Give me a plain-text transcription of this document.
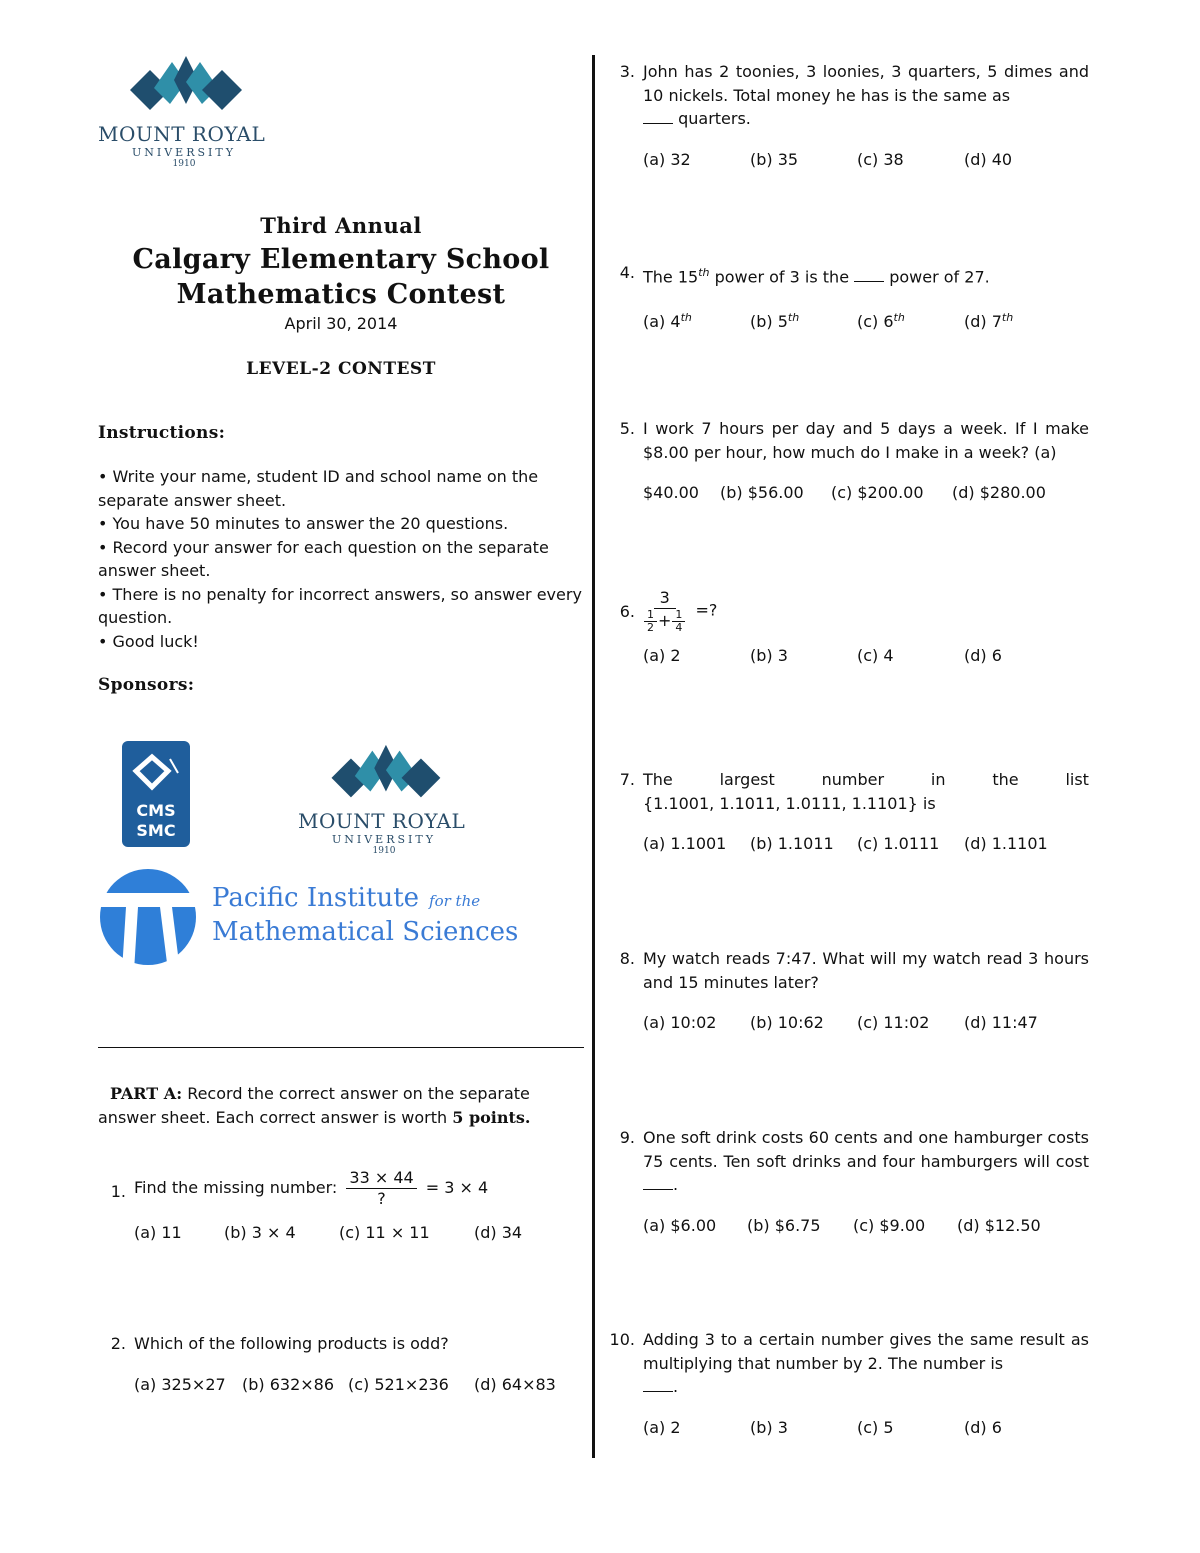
MOUNT ROYAL
UNIVERSITY
1910
Third Annual
Calgary Elementary School
Mathematics Contest
April 30, 2014
LEVEL-2 CONTEST
Instructions:
• Write your name, student ID and school name on the separate answer sheet.
• You have 50 minutes to answer the 20 questions.
• Record your answer for each question on the separate answer sheet.
• There is no penalty for incorrect answers, so answer every question.
• Good luck!
Sponsors:
CMS
SMC	MOUNT ROYAL
UNIVERSITY
1910
Pacific Institute for the
Mathematical Sciences
PART A: Record the correct answer on the separate answer sheet. Each correct answer is worth 5 points.
1. Find the missing number: $\frac{33 \times 44}{?} = 3 \times 4$
(a) 11	(b) 3 × 4	(c) 11 × 11	(d) 34
2. Which of the following products is odd?
(a) 325×27	(b) 632×86 (c) 521×236	(d) 64×83
3. John has 2 toonies, 3 loonies, 3 quarters, 5 dimes and 10 nickels. Total money he has is the same as
quarters.
(a) 32	(b) 35	(c) 38	(d) 40
4. The 15th power of 3 is the	power of 27.
(a) 4th	(b) 5th	(c) 6th	(d) 7th
5. I work 7 hours per day and 5 days a week. If I make $8.00 per hour, how much do I make in a week? (a)
$40.00	(b) $56.00	(c) $200.00	(d) $280.00
6. $\frac{3}{\frac{1}{2} + \frac{1}{4}}$ =?
(a) 2	(b) 3	(c) 4	(d) 6
7. The	largest	number	in	the	list
{1.1001, 1.1011, 1.0111, 1.1101} is
(a) 1.1001	(b) 1.1011	(c) 1.0111	(d) 1.1101
8. My watch reads 7:47. What will my watch read 3 hours and 15 minutes later?
(a) 10:02	(b) 10:62	(c) 11:02	(d) 11:47
9. One soft drink costs 60 cents and one hamburger costs 75 cents. Ten soft drinks and four hamburgers will cost .
(a) $6.00	(b) $6.75	(c) $9.00	(d) $12.50
10. Adding 3 to a certain number gives the same result as multiplying that number by 2. The number is
.
(a) 2	(b) 3	(c) 5	(d) 6
